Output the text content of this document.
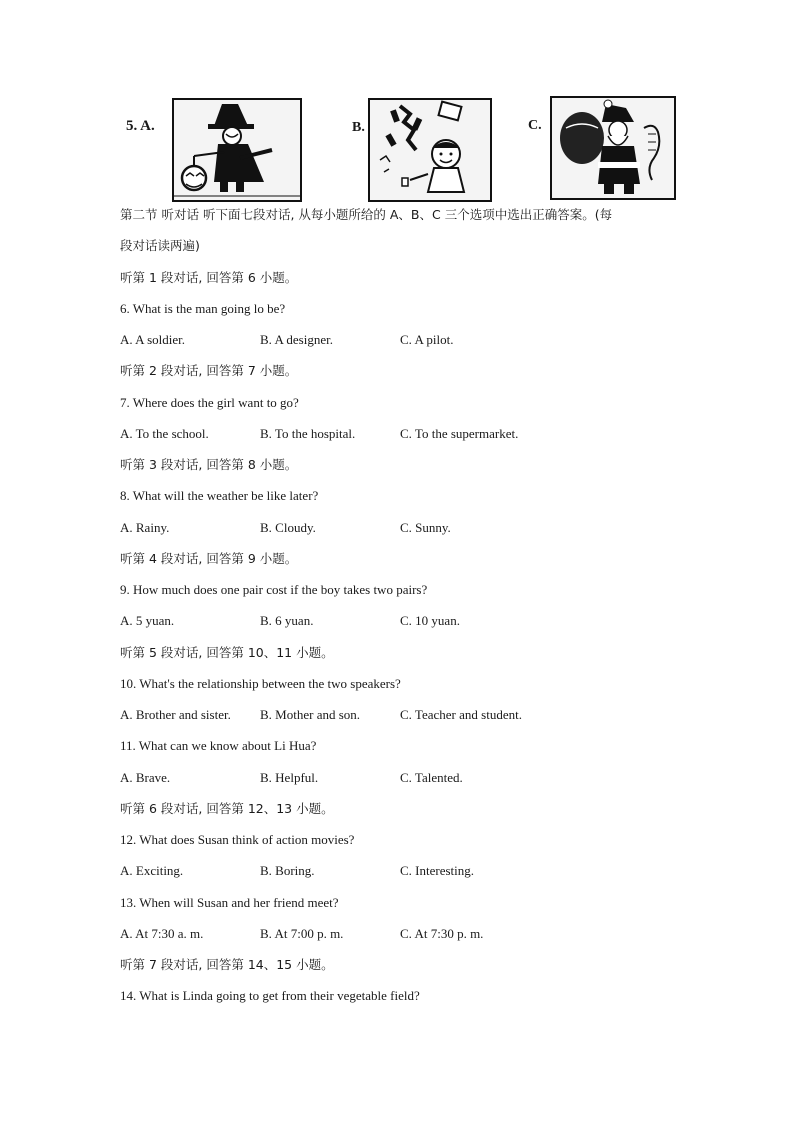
5. A.	B.	C.
第二节 听对话 听下面七段对话, 从每小题所给的 A、B、C 三个选项中选出正确答案。(每
段对话读两遍)
听第 1 段对话, 回答第 6 小题。
6. What is the man going lo be?
A. A soldier.	B. A designer.	C. A pilot.
听第 2 段对话, 回答第 7 小题。
7. Where does the girl want to go?
A. To the school.	B. To the hospital.	C. To the supermarket.
听第 3 段对话, 回答第 8 小题。
8. What will the weather be like later?
A. Rainy.	B. Cloudy.	C. Sunny.
听第 4 段对话, 回答第 9 小题。
9. How much does one pair cost if the boy takes two pairs?
A. 5 yuan.	B. 6 yuan.	C. 10 yuan.
听第 5 段对话, 回答第 10、11 小题。
10. What's the relationship between the two speakers?
A. Brother and sister. B. Mother and son.	C. Teacher and student.
11. What can we know about Li Hua?
A. Brave.	B. Helpful.	C. Talented.
听第 6 段对话, 回答第 12、13 小题。
12. What does Susan think of action movies?
A. Exciting.	B. Boring.	C. Interesting.
13. When will Susan and her friend meet?
A. At 7:30 a. m.	B. At 7:00 p. m.	C. At 7:30 p. m.
听第 7 段对话, 回答第 14、15 小题。
14. What is Linda going to get from their vegetable field?
